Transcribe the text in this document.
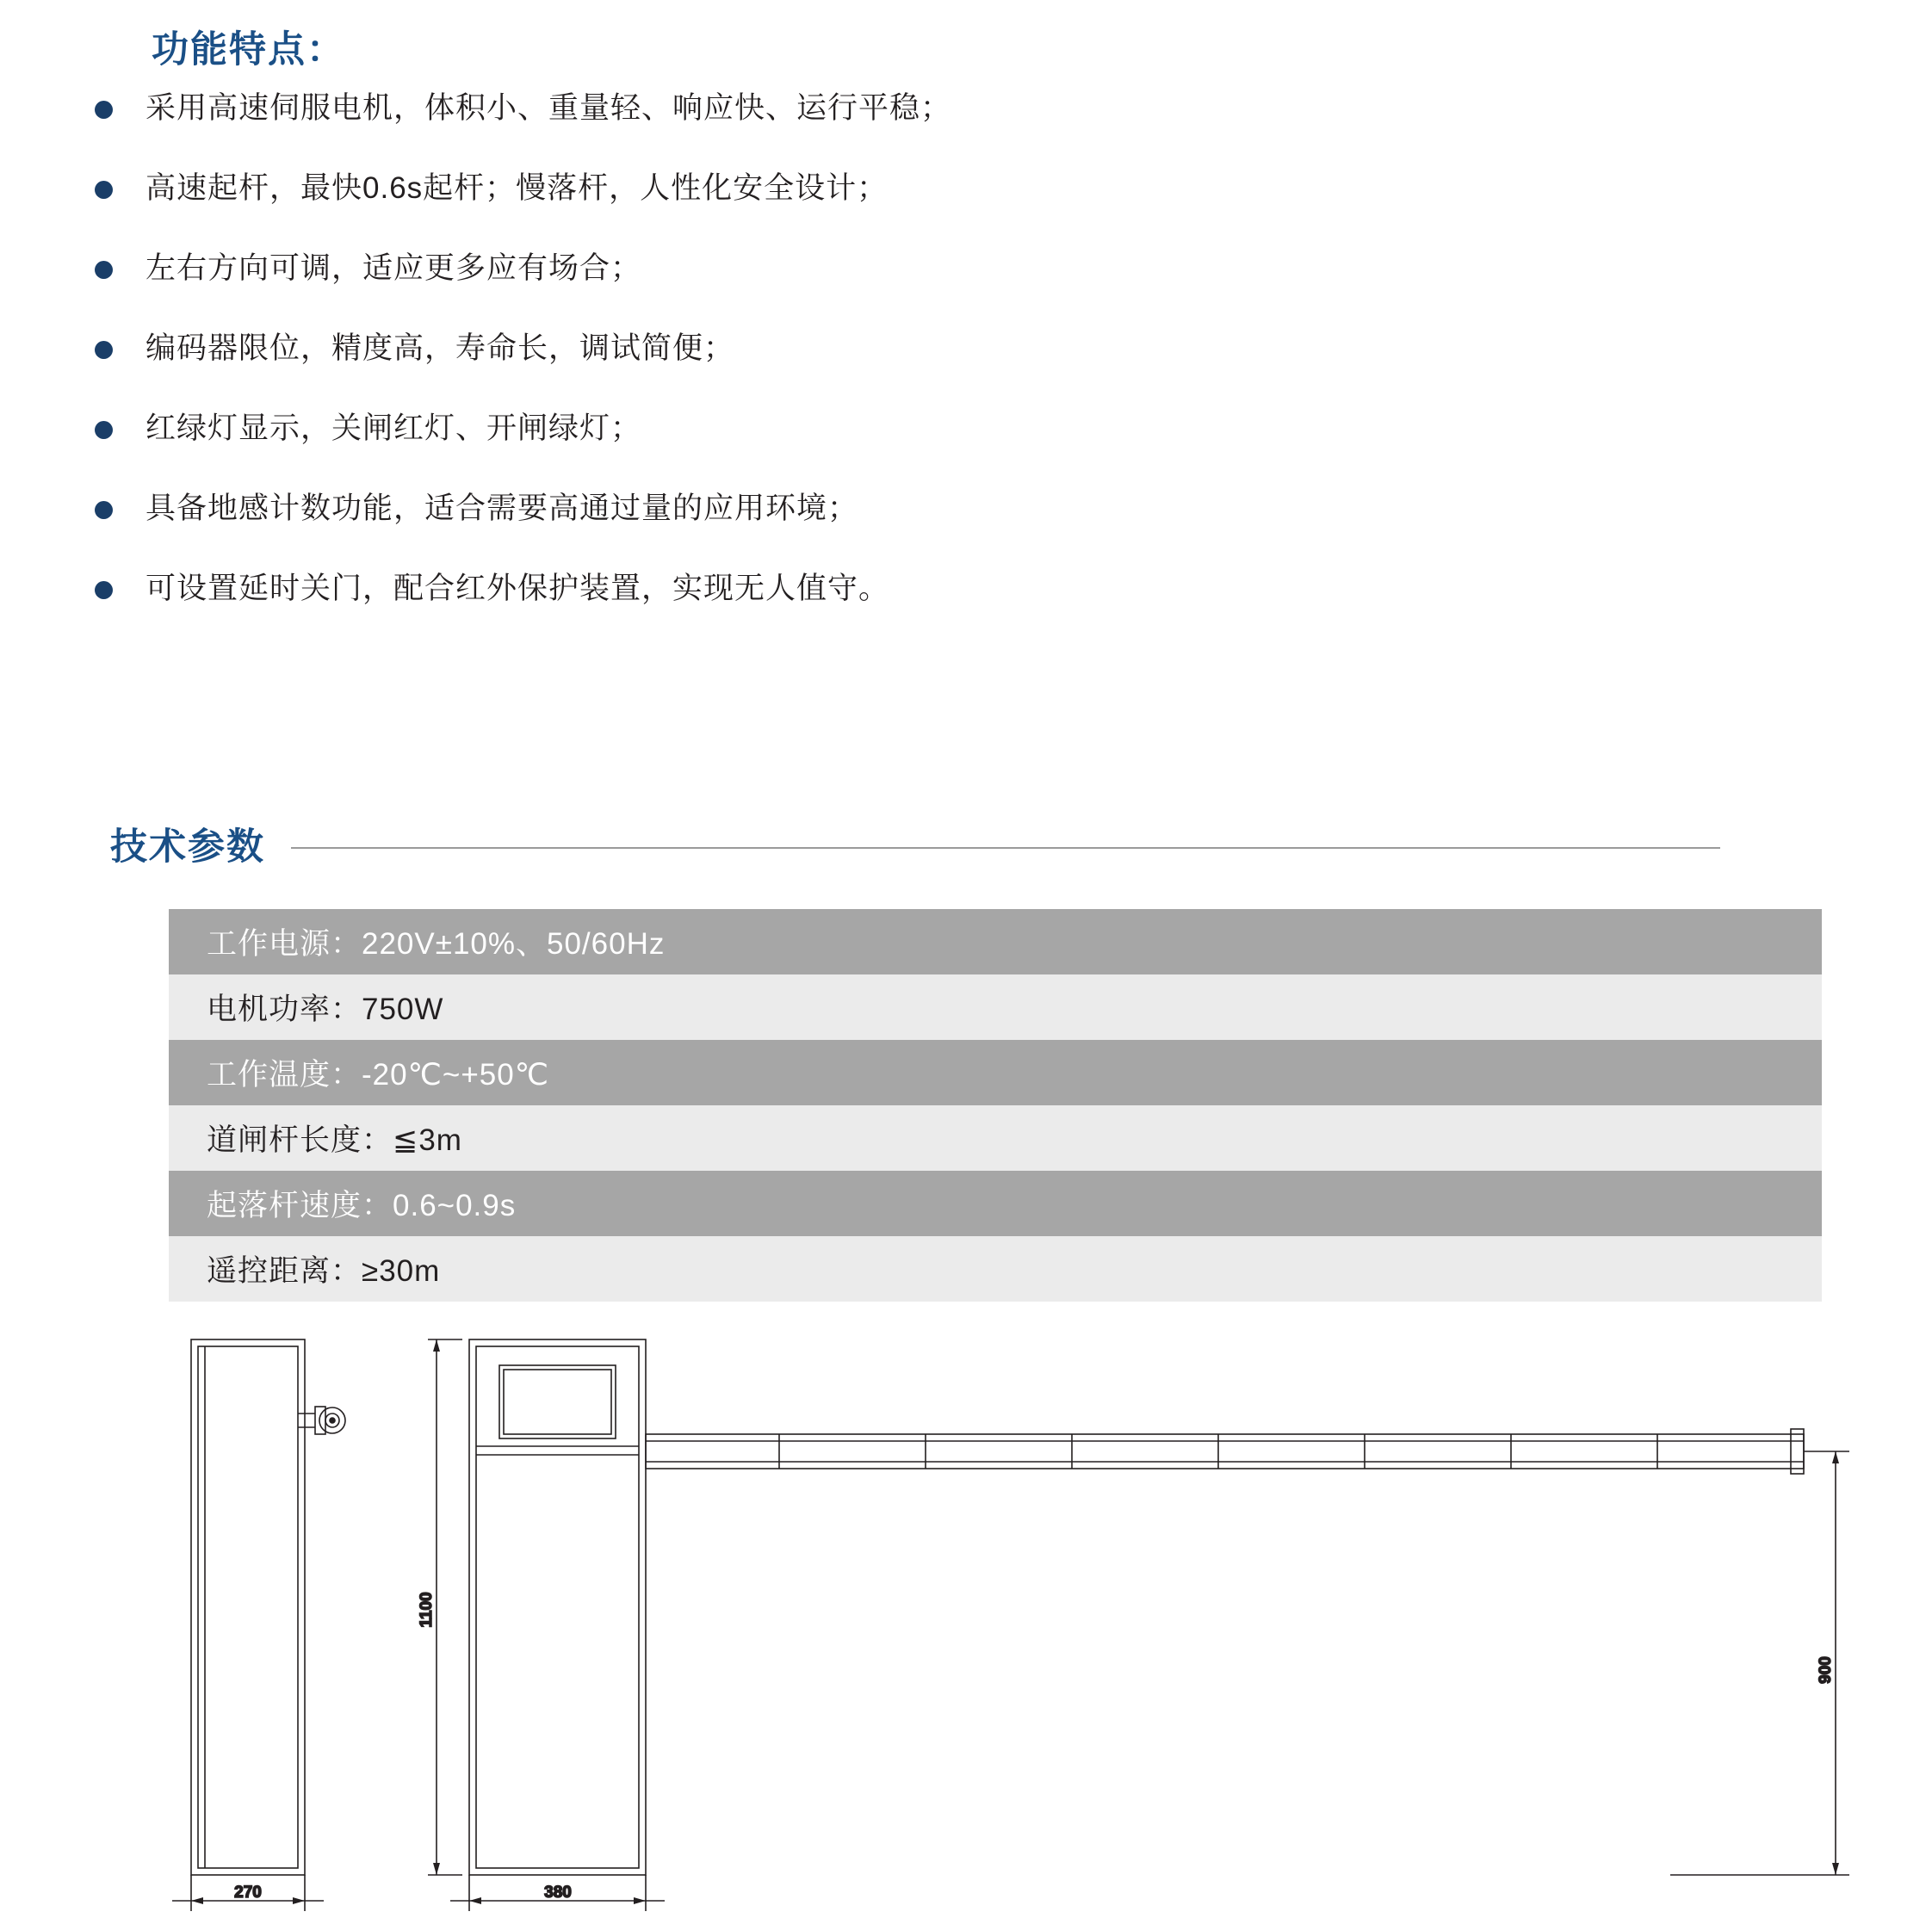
功能特点：
采用高速伺服电机，体积小、重量轻、响应快、运行平稳；
高速起杆，最快0.6s起杆；慢落杆，人性化安全设计；
左右方向可调，适应更多应有场合；
编码器限位，精度高，寿命长，调试简便；
红绿灯显示，关闸红灯、开闸绿灯；
具备地感计数功能，适合需要高通过量的应用环境；
可设置延时关门，配合红外保护装置，实现无人值守。
技术参数
工作电源：220V±10%、50/60Hz
电机功率：750W
工作温度：-20℃~+50℃
道闸杆长度：≦3m
起落杆速度：0.6~0.9s
遥控距离：≥30m
270
1100
900
380
